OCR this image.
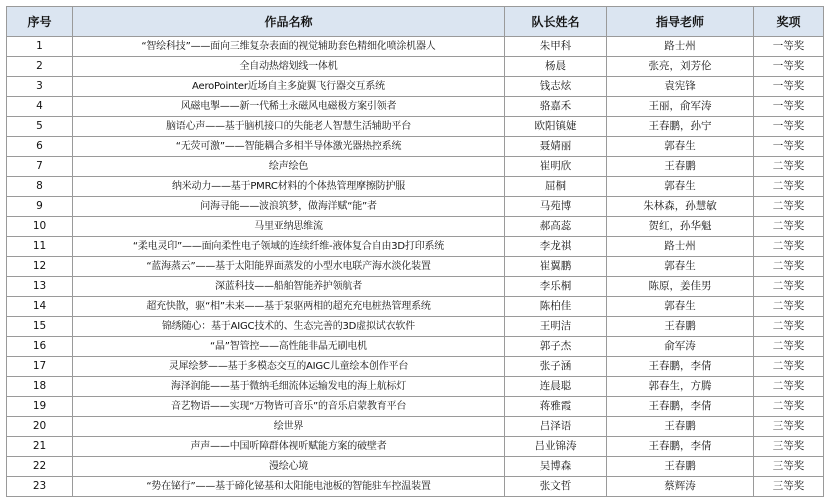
序号	作品名称	队长姓名	指导老师	奖项
1	“智绘科技”——面向三维复杂表面的视觉辅助套色精细化喷涂机器人	朱甲科	路士州	一等奖
2	全自动热熔划线一体机	杨晨	张亮，刘芳伦	一等奖
3	AeroPointer近场自主多旋翼飞行器交互系统	钱志炫	袁宪锋	一等奖
4	风磁电掣——新一代稀土永磁风电磁极方案引领者	骆嘉禾	王丽，俞军涛	一等奖
5	脑语心声——基于脑机接口的失能老人智慧生活辅助平台	欧阳镇婕	王春鹏，孙宁	一等奖
6	“无荧可激”——智能耦合多相半导体激光器热控系统	聂婧丽	郭春生	一等奖
7	绘声绘色	崔明欣	王春鹏	二等奖
8	纳米动力——基于PMRC材料的个体热管理摩擦防护服	屈桐	郭春生	二等奖
9	问海寻能——波浪筑梦，做海洋赋“能”者	马苑博	朱林森，孙慧敏	二等奖
10	马里亚纳思维流	郝高蕊	贺红，孙华魁	二等奖
11	“柔电灵印”——面向柔性电子领域的连续纤维-液体复合自由3D打印系统	李龙祺	路士州	二等奖
12	“蓝海蒸云”——基于太阳能界面蒸发的小型水电联产海水淡化装置	崔翼鹏	郭春生	二等奖
13	深蓝科技——船舶智能养护领航者	李乐桐	陈原，姜佳男	二等奖
14	超充快散，驱“相”未来——基于泵驱两相的超充充电桩热管理系统	陈柏佳	郭春生	二等奖
15	锦绣随心：基于AIGC技术的、生态完善的3D虚拟试衣软件	王明洁	王春鹏	二等奖
16	“晶”智管控——高性能非晶无刷电机	郭子杰	俞军涛	二等奖
17	灵犀绘梦——基于多模态交互的AIGC儿童绘本创作平台	张子涵	王春鹏，李倩	二等奖
18	海泽润能——基于微纳毛细流体运输发电的海上航标灯	连晨聪	郭春生，方腾	二等奖
19	音艺物语——实现“万物皆可音乐”的音乐启蒙教育平台	蒋雅霞	王春鹏，李倩	二等奖
20	绘世界	吕泽语	王春鹏	三等奖
21	声声——中国听障群体视听赋能方案的破壁者	吕业锦涛	王春鹏，李倩	三等奖
22	漫绘心境	吴博森	王春鹏	三等奖
23	“势在铋行”——基于碲化铋基和太阳能电池板的智能驻车控温装置	张文哲	蔡辉涛	三等奖
